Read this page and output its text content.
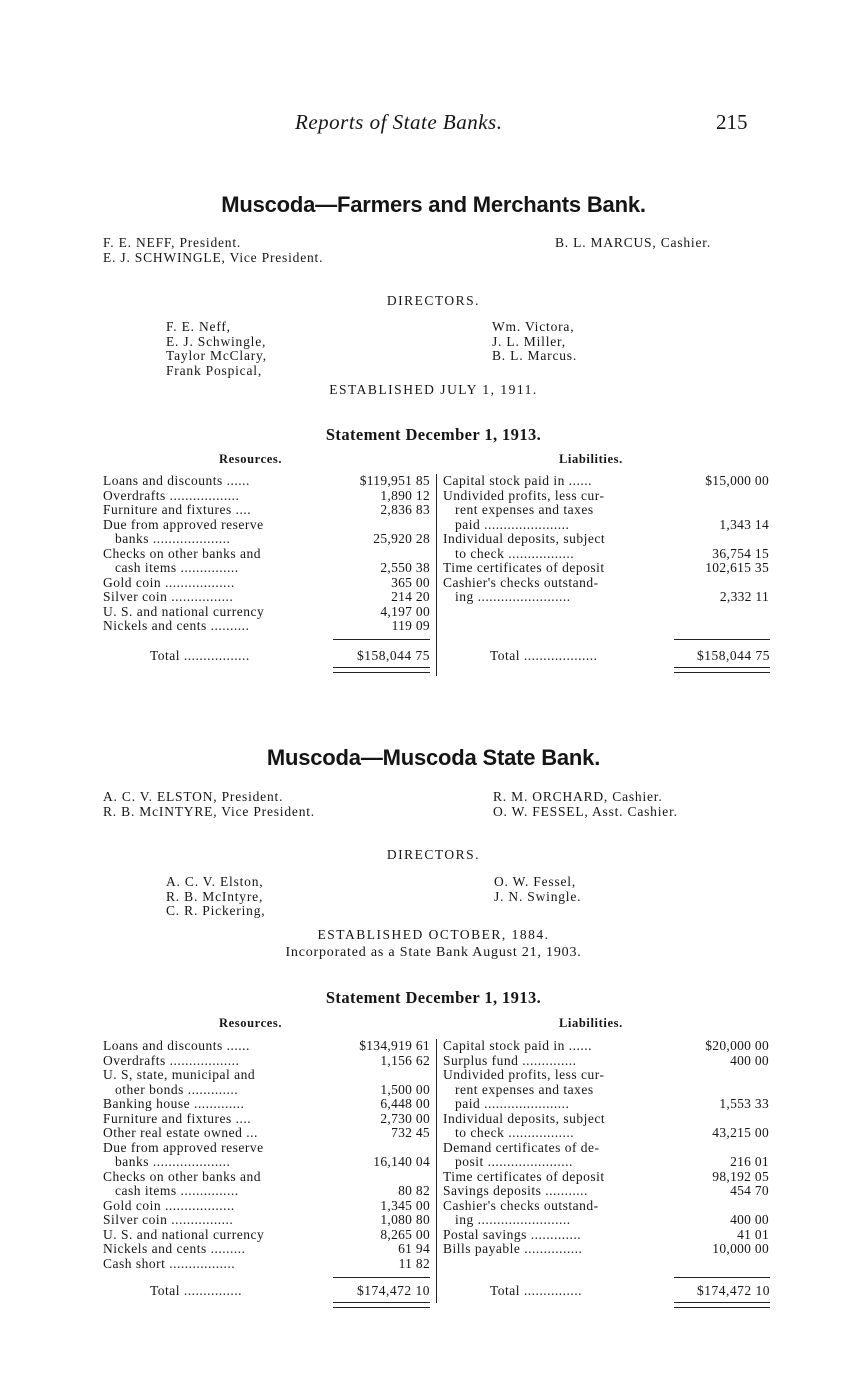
Reports of State Banks.	215
Muscoda—Farmers and Merchants Bank.
F. E. NEFF, President.
E. J. SCHWINGLE, Vice President.
B. L. MARCUS, Cashier.
DIRECTORS.
F. E. Neff,
E. J. Schwingle,
Taylor McClary,
Frank Pospical,
Wm. Victora,
J. L. Miller,
B. L. Marcus.
ESTABLISHED JULY 1, 1911.
Statement December 1, 1913.
Resources.	Liabilities.
Loans and discounts ......	$119,951 85
Overdrafts ..................	1,890 12
Furniture and fixtures ....	2,836 83
Due from approved reserve
banks ....................	25,920 28
Checks on other banks and
cash items ...............	2,550 38
Gold coin ..................	365 00
Silver coin ................	214 20
U. S. and national currency	4,197 00
Nickels and cents ..........	119 09
Capital stock paid in ......	$15,000 00
Undivided profits, less cur-
rent expenses and taxes
paid ......................	1,343 14
Individual deposits, subject
to check .................	36,754 15
Time certificates of deposit	102,615 35
Cashier's checks outstand-
ing ........................	2,332 11
Total .................	$158,044 75	Total ...................	$158,044 75
Muscoda—Muscoda State Bank.
A. C. V. ELSTON, President.
R. B. McINTYRE, Vice President.
R. M. ORCHARD, Cashier.
O. W. FESSEL, Asst. Cashier.
DIRECTORS.
A. C. V. Elston,
R. B. McIntyre,
C. R. Pickering,
O. W. Fessel,
J. N. Swingle.
ESTABLISHED OCTOBER, 1884.
Incorporated as a State Bank August 21, 1903.
Statement December 1, 1913.
Resources.	Liabilities.
Loans and discounts ......	$134,919 61
Overdrafts ..................	1,156 62
U. S, state, municipal and
other bonds .............	1,500 00
Banking house .............	6,448 00
Furniture and fixtures ....	2,730 00
Other real estate owned ...	732 45
Due from approved reserve
banks ....................	16,140 04
Checks on other banks and
cash items ...............	80 82
Gold coin ..................	1,345 00
Silver coin ................	1,080 80
U. S. and national currency	8,265 00
Nickels and cents .........	61 94
Cash short .................	11 82
Capital stock paid in ......	$20,000 00
Surplus fund ..............	400 00
Undivided profits, less cur-
rent expenses and taxes
paid ......................	1,553 33
Individual deposits, subject
to check .................	43,215 00
Demand certificates of de-
posit ......................	216 01
Time certificates of deposit	98,192 05
Savings deposits ...........	454 70
Cashier's checks outstand-
ing ........................	400 00
Postal savings .............	41 01
Bills payable ...............	10,000 00
Total ...............	$174,472 10	Total ...............	$174,472 10
